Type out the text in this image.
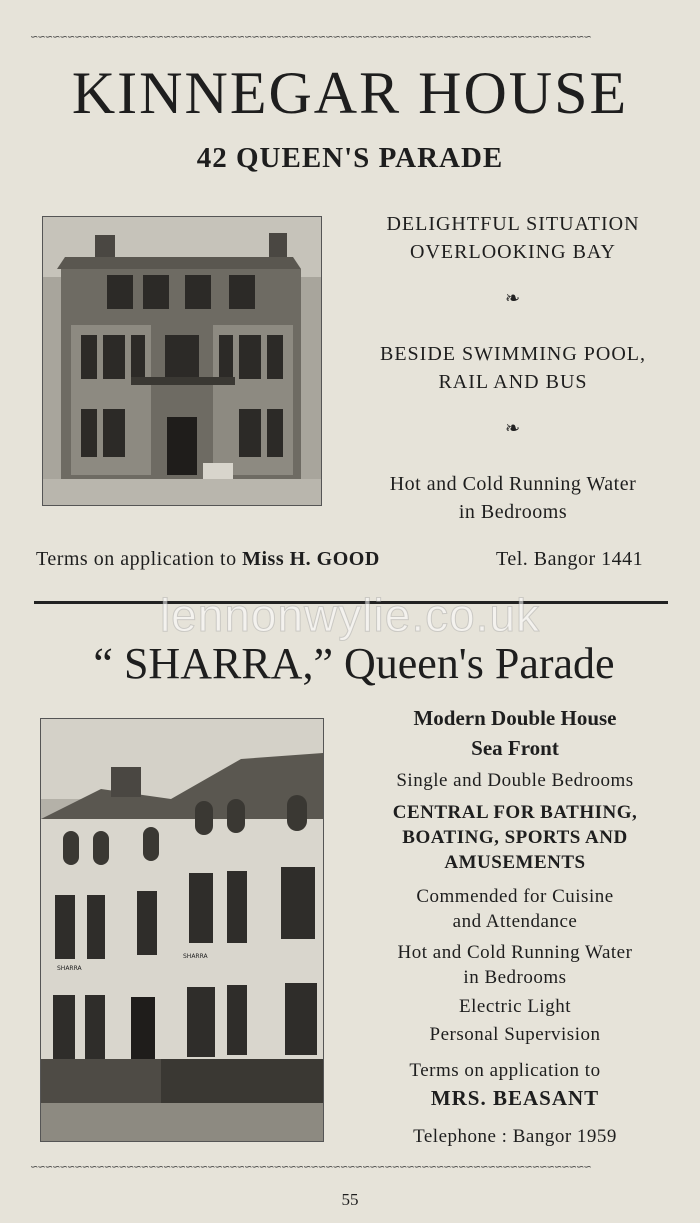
∽∽∽∽∽∽∽∽∽∽∽∽∽∽∽∽∽∽∽∽∽∽∽∽∽∽∽∽∽∽∽∽∽∽∽∽∽∽∽∽∽∽∽∽∽∽∽∽∽∽∽∽∽∽∽∽∽∽∽∽∽∽∽∽∽∽∽∽∽∽∽∽∽∽∽∽
KINNEGAR HOUSE
42 QUEEN'S PARADE
DELIGHTFUL SITUATION
OVERLOOKING BAY
❧
BESIDE SWIMMING POOL,
RAIL AND BUS
❧
Hot and Cold Running Water
in Bedrooms
Terms on application to Miss H. GOOD	Tel. Bangor 1441
lennonwylie.co.uk
“ SHARRA,” Queen's Parade
SHARRA
SHARRA
Modern Double House
Sea Front
Single and Double Bedrooms
CENTRAL FOR BATHING,
BOATING, SPORTS AND
AMUSEMENTS
Commended for Cuisine
and Attendance
Hot and Cold Running Water
in Bedrooms
Electric Light
Personal Supervision
Terms on application to
MRS. BEASANT
Telephone : Bangor 1959
∽∽∽∽∽∽∽∽∽∽∽∽∽∽∽∽∽∽∽∽∽∽∽∽∽∽∽∽∽∽∽∽∽∽∽∽∽∽∽∽∽∽∽∽∽∽∽∽∽∽∽∽∽∽∽∽∽∽∽∽∽∽∽∽∽∽∽∽∽∽∽∽∽∽∽∽
55
